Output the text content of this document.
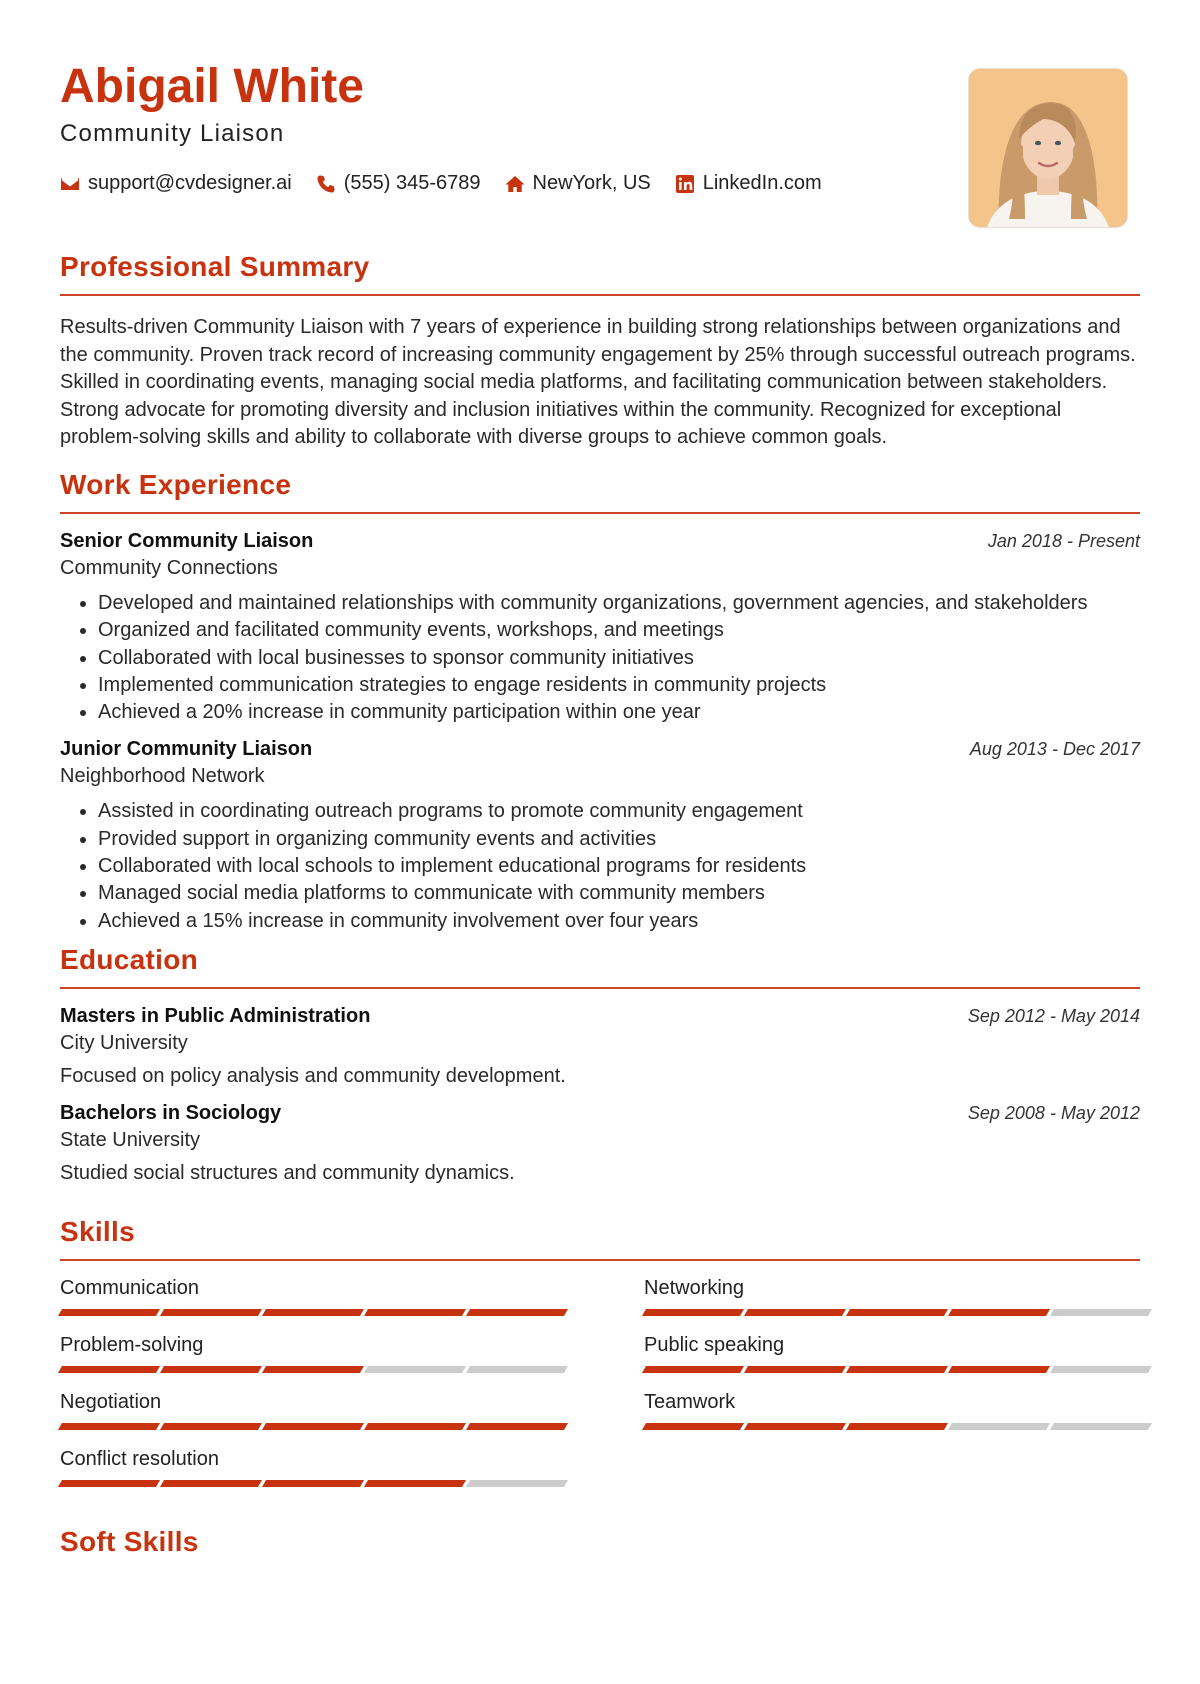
Abigail White
Community Liaison
support@cvdesigner.ai	(555) 345-6789	NewYork, US	LinkedIn.com
Professional Summary

Results-driven Community Liaison with 7 years of experience in building strong relationships between organizations and the community. Proven track record of increasing community engagement by 25% through successful outreach programs. Skilled in coordinating events, managing social media platforms, and facilitating communication between stakeholders. Strong advocate for promoting diversity and inclusion initiatives within the community. Recognized for exceptional problem-solving skills and ability to collaborate with diverse groups to achieve common goals.

Work Experience
Senior Community Liaison	Jan 2018 - Present
Community Connections
• Developed and maintained relationships with community organizations, government agencies, and stakeholders
• Organized and facilitated community events, workshops, and meetings
• Collaborated with local businesses to sponsor community initiatives
• Implemented communication strategies to engage residents in community projects
• Achieved a 20% increase in community participation within one year
Junior Community Liaison	Aug 2013 - Dec 2017
Neighborhood Network
• Assisted in coordinating outreach programs to promote community engagement
• Provided support in organizing community events and activities
• Collaborated with local schools to implement educational programs for residents
• Managed social media platforms to communicate with community members
• Achieved a 15% increase in community involvement over four years
Education
Masters in Public Administration	Sep 2012 - May 2014
City University
Focused on policy analysis and community development.
Bachelors in Sociology	Sep 2008 - May 2012
State University
Studied social structures and community dynamics.
Skills
Communication	Networking
Problem-solving	Public speaking
Negotiation	Teamwork
Conflict resolution
Soft Skills
